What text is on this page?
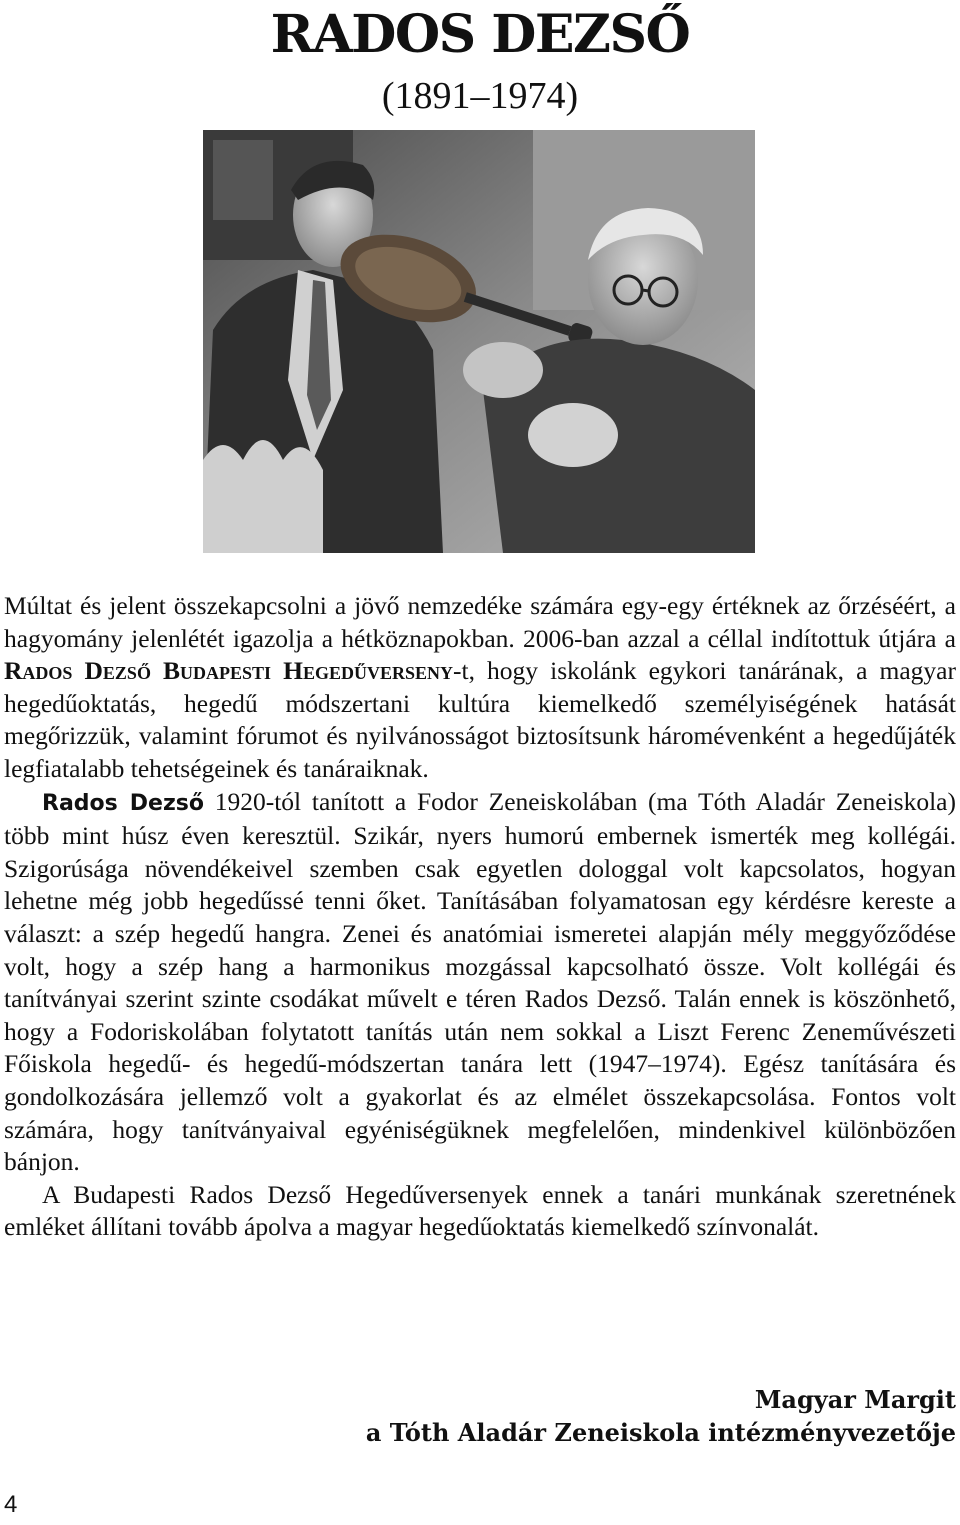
RADOS DEZSŐ
(1891–1974)

Múltat és jelent összekapcsolni a jövő nemzedéke számára egy-egy értéknek az őrzéséért, a hagyomány jelenlétét igazolja a hétköznapokban. 2006-ban azzal a céllal indítottuk útjára a Rados Dezső Budapesti Hegedűverseny-t, hogy iskolánk egykori tanárának, a magyar hegedűoktatás, hegedű módszertani kultúra kiemelkedő személyiségének hatását megőrizzük, valamint fórumot és nyilvánosságot biztosítsunk háromévenként a hegedűjáték legfiatalabb tehetségeinek és tanáraiknak.

Rados Dezső 1920-tól tanított a Fodor Zeneiskolában (ma Tóth Aladár Zeneiskola) több mint húsz éven keresztül. Szikár, nyers humorú embernek ismerték meg kollégái. Szigorúsága növendékeivel szemben csak egyetlen dologgal volt kapcsolatos, hogyan lehetne még jobb hegedűssé tenni őket. Tanításában folyamatosan egy kérdésre kereste a választ: a szép hegedű hangra. Zenei és anatómiai ismeretei alapján mély meggyőződése volt, hogy a szép hang a harmonikus mozgással kapcsolható össze. Volt kollégái és tanítványai szerint szinte csodákat művelt e téren Rados Dezső. Talán ennek is köszönhető, hogy a Fodoriskolában folytatott tanítás után nem sokkal a Liszt Ferenc Zeneművészeti Főiskola hegedű- és hegedű-módszertan tanára lett (1947–1974). Egész tanítására és gondolkozására jellemző volt a gyakorlat és az elmélet összekapcsolása. Fontos volt számára, hogy tanítványaival egyéniségüknek megfelelően, mindenkivel különbözően bánjon.

A Budapesti Rados Dezső Hegedűversenyek ennek a tanári munkának szeretnének emléket állítani tovább ápolva a magyar hegedűoktatás kiemelkedő színvonalát.

Magyar Margit
a Tóth Aladár Zeneiskola intézményvezetője
4
